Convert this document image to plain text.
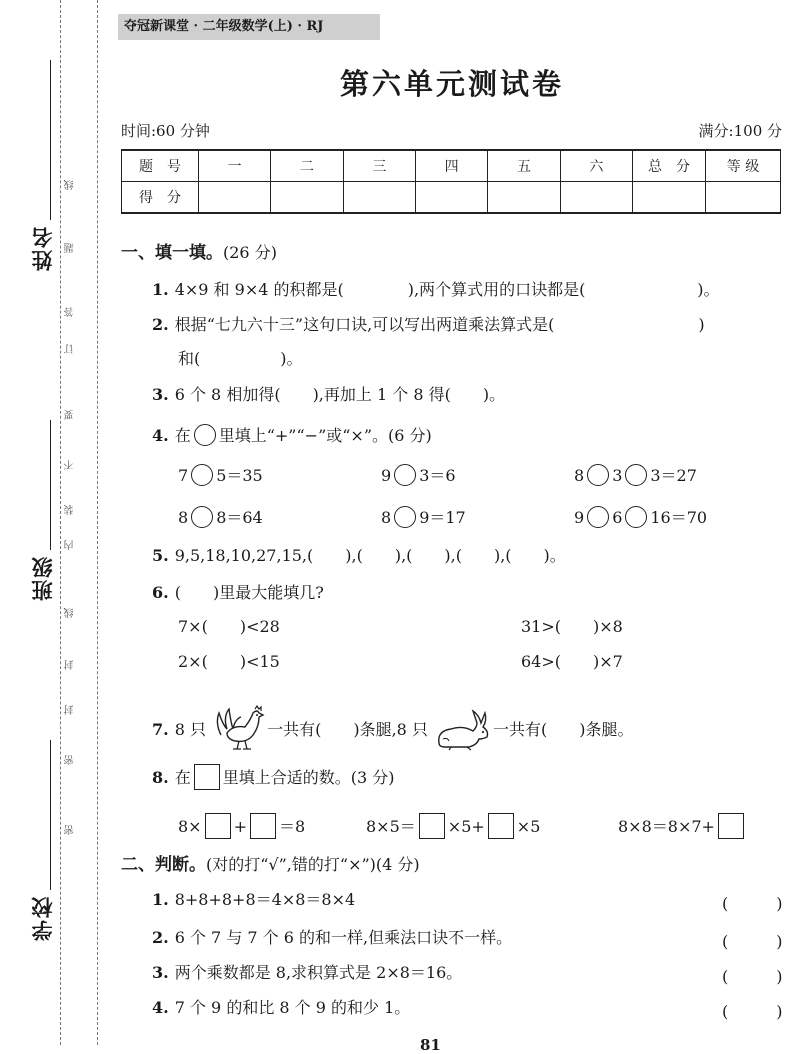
姓名
班级
学校
线
题
答
订
要
不
装
内
线
封
封
密
密
夺冠新课堂 · 二年级数学(上) · RJ
第六单元测试卷
时间:60 分钟	满分:100 分
题　号	一	二	三	四	五	六	总　分	等 级
得　分								
一、填一填。(26 分)
1. 4×9 和 9×4 的积都是(　　　　),两个算式用的口诀都是(　　　　　　　)。
2. 根据“七九六十三”这句口诀,可以写出两道乘法算式是(　　　　　　　　　)
和(　　　　　)。
3. 6 个 8 相加得(　　),再加上 1 个 8 得(　　)。
4. 在 里填上“+”“−”或“×”。(6 分)
7 5＝35	9 3＝6	8 3 3＝27
8 8＝64	8 9＝17	9 6 16＝70
5. 9,5,18,10,27,15,(　　),(　　),(　　),(　　),(　　)。
6. (　　)里最大能填几?
7×(　　)<28	31>(　　)×8
2×(　　)<15	64>(　　)×7
7. 8 只	一共有(　　)条腿,8 只	一共有(　　)条腿。
8. 在 里填上合适的数。(3 分)
8× + ＝8	8×5＝ ×5+ ×5	8×8＝8×7+
二、判断。(对的打“√”,错的打“×”)(4 分)
1. 8+8+8+8＝4×8＝8×4	(　　　)
2. 6 个 7 与 7 个 6 的和一样,但乘法口诀不一样。	(　　　)
3. 两个乘数都是 8,求积算式是 2×8＝16。	(　　　)
4. 7 个 9 的和比 8 个 9 的和少 1。	(　　　)
81
